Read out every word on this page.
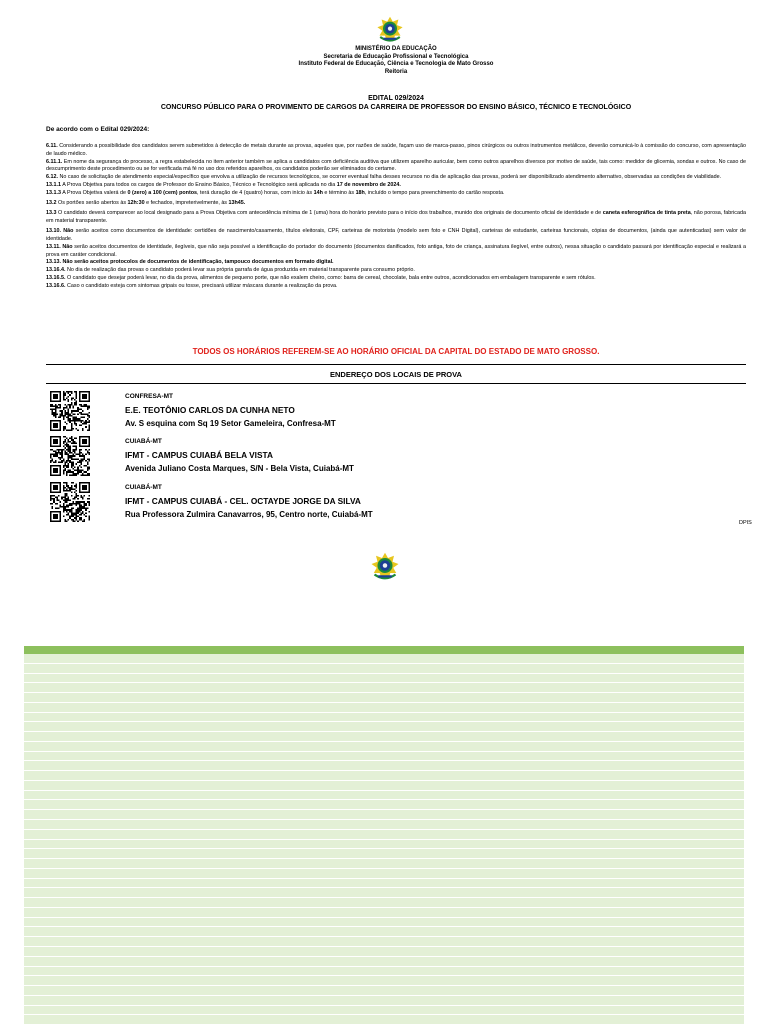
MINISTÉRIO DA EDUCAÇÃO
Secretaria de Educação Profissional e Tecnológica
Instituto Federal de Educação, Ciência e Tecnologia de Mato Grosso
Reitoria
EDITAL 029/2024
CONCURSO PÚBLICO PARA O PROVIMENTO DE CARGOS DA CARREIRA DE PROFESSOR DO ENSINO BÁSICO, TÉCNICO E TECNOLÓGICO
De acordo com o Edital 029/2024:

6.11. Considerando a possibilidade dos candidatos serem submetidos à detecção de metais durante as provas, aqueles que, por razões de saúde, façam uso de marca-passo, pinos cirúrgicos ou outros instrumentos metálicos, deverão comunicá-lo à comissão do concurso, com apresentação de laudo médico.

6.11.1. Em nome da segurança do processo, a regra estabelecida no item anterior também se aplica a candidatos com deficiência auditiva que utilizem aparelho auricular, bem como outros aparelhos diversos por motivo de saúde, tais como: medidor de glicemia, sondas e outros. No caso de descumprimento deste procedimento ou se for verificada má fé no uso dos referidos aparelhos, os candidatos poderão ser eliminados do certame.

6.12. No caso de solicitação de atendimento especial/específico que envolva a utilização de recursos tecnológicos, se ocorrer eventual falha desses recursos no dia de aplicação das provas, poderá ser disponibilizado atendimento alternativo, observadas as condições de viabilidade.

13.1.1 A Prova Objetiva para todos os cargos de Professor do Ensino Básico, Técnico e Tecnológico será aplicada no dia 17 de novembro de 2024.

13.1.3 A Prova Objetiva valerá de 0 (zero) a 100 (cem) pontos, terá duração de 4 (quatro) horas, com início às 14h e término às 18h, incluído o tempo para preenchimento do cartão resposta.

13.2 Os portões serão abertos às 12h:30 e fechados, impreterivelmente, às 13h45.

13.3 O candidato deverá comparecer ao local designado para a Prova Objetiva com antecedência mínima de 1 (uma) hora do horário previsto para o início dos trabalhos, munido dos originais de documento oficial de identidade e de caneta esferográfica de tinta preta, não porosa, fabricada em material transparente.

13.10. Não serão aceitos como documentos de identidade: certidões de nascimento/casamento, títulos eleitorais, CPF, carteiras de motorista (modelo sem foto e CNH Digital), carteiras de estudante, carteiras funcionais, cópias de documentos, (ainda que autenticadas) sem valor de identidade.

13.11. Não serão aceitos documentos de identidade, ilegíveis, que não seja possível a identificação do portador do documento (documentos danificados, foto antiga, foto de criança, assinatura ilegível, entre outros), nessa situação o candidato passará por identificação especial e realizará a prova em caráter condicional.

13.13. Não serão aceitos protocolos de documentos de identificação, tampouco documentos em formato digital.

13.16.4. No dia de realização das provas o candidato poderá levar sua própria garrafa de água produzida em material transparente para consumo próprio.

13.16.5. O candidato que desejar poderá levar, no dia da prova, alimentos de pequeno porte, que não exalem cheiro, como: barra de cereal, chocolate, bala entre outros, acondicionados em embalagem transparente e sem rótulos.

13.16.6. Caso o candidato esteja com sintomas gripais ou tosse, precisará utilizar máscara durante a realização da prova.

TODOS OS HORÁRIOS REFEREM-SE AO HORÁRIO OFICIAL DA CAPITAL DO ESTADO DE MATO GROSSO.
ENDEREÇO DOS LOCAIS DE PROVA
CONFRESA-MT
E.E. TEOTÔNIO CARLOS DA CUNHA NETO
Av. S esquina com Sq 19 Setor Gameleira, Confresa-MT
CUIABÁ-MT
IFMT - CAMPUS CUIABÁ BELA VISTA
Avenida Juliano Costa Marques, S/N - Bela Vista, Cuiabá-MT
CUIABÁ-MT
IFMT - CAMPUS CUIABÁ - CEL. OCTAYDE JORGE DA SILVA
Rua Professora Zulmira Canavarros, 95, Centro norte, Cuiabá-MT
DPIS
